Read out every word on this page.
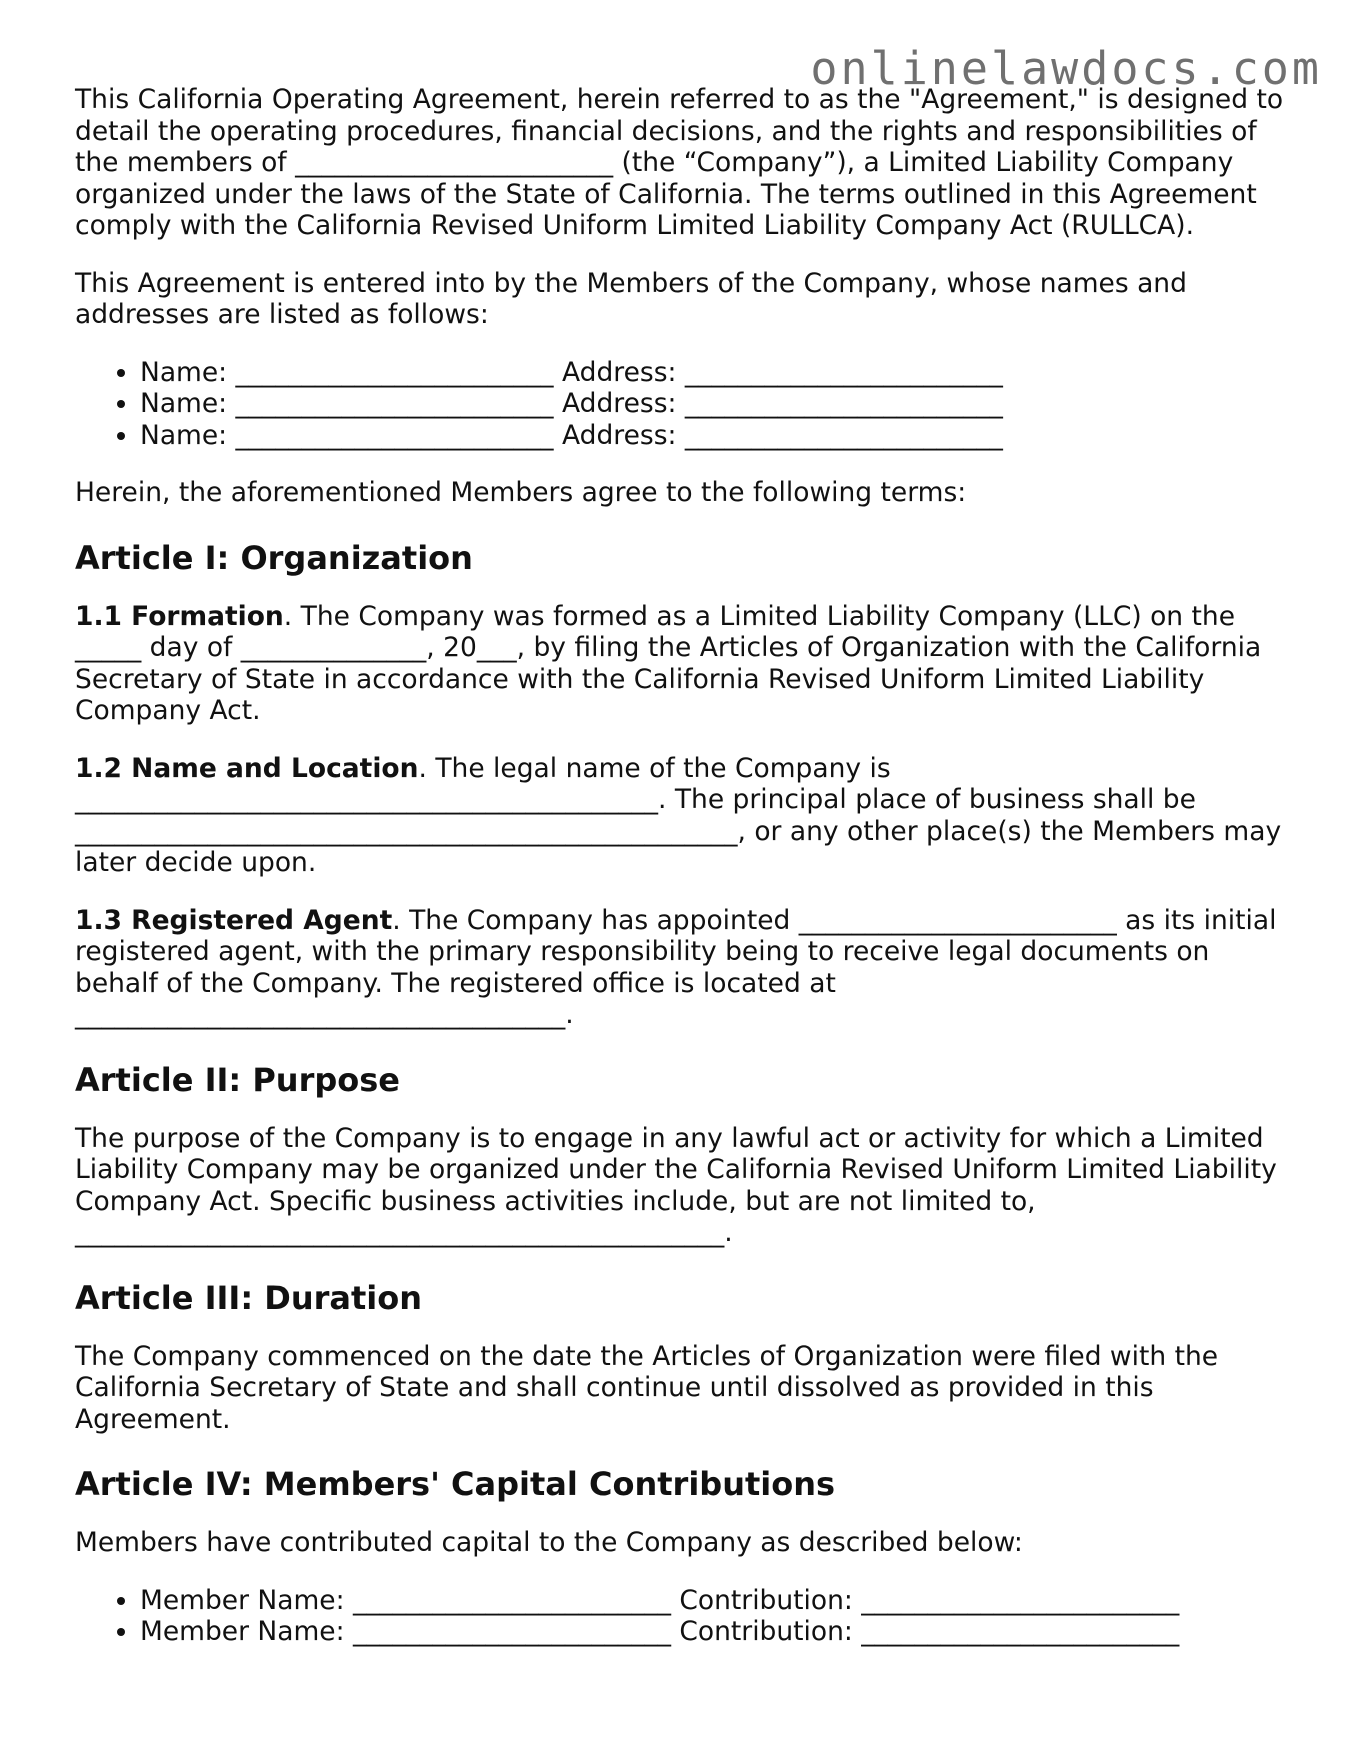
onlinelawdocs.com

This California Operating Agreement, herein referred to as the "Agreement," is designed to detail the operating procedures, financial decisions, and the rights and responsibilities of the members of ________________________ (the “Company”), a Limited Liability Company organized under the laws of the State of California. The terms outlined in this Agreement comply with the California Revised Uniform Limited Liability Company Act (RULLCA).

This Agreement is entered into by the Members of the Company, whose names and addresses are listed as follows:

• Name: ________________________ Address: ________________________
• Name: ________________________ Address: ________________________
• Name: ________________________ Address: ________________________

Herein, the aforementioned Members agree to the following terms:

Article I: Organization

1.1 Formation. The Company was formed as a Limited Liability Company (LLC) on the _____ day of ______________, 20___, by filing the Articles of Organization with the California Secretary of State in accordance with the California Revised Uniform Limited Liability Company Act.

1.2 Name and Location. The legal name of the Company is ____________________________________________. The principal place of business shall be __________________________________________________, or any other place(s) the Members may later decide upon.

1.3 Registered Agent. The Company has appointed ________________________ as its initial registered agent, with the primary responsibility being to receive legal documents on behalf of the Company. The registered office is located at _____________________________________.

Article II: Purpose

The purpose of the Company is to engage in any lawful act or activity for which a Limited Liability Company may be organized under the California Revised Uniform Limited Liability Company Act. Specific business activities include, but are not limited to, _________________________________________________.

Article III: Duration

The Company commenced on the date the Articles of Organization were filed with the California Secretary of State and shall continue until dissolved as provided in this Agreement.

Article IV: Members' Capital Contributions

Members have contributed capital to the Company as described below:

• Member Name: ________________________ Contribution: ________________________
• Member Name: ________________________ Contribution: ________________________
